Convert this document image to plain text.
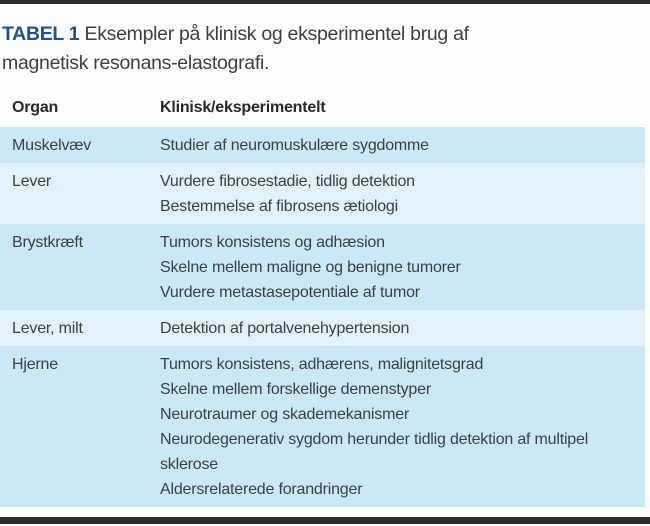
TABEL 1 Eksempler på klinisk og eksperimentel brug af
magnetisk resonans-elastografi.
Organ	Klinisk/eksperimentelt
Muskelvæv	Studier af neuromuskulære sygdomme
Lever	Vurdere fibrosestadie, tidlig detektion
Bestemmelse af fibrosens ætiologi
Brystkræft	Tumors konsistens og adhæsion
Skelne mellem maligne og benigne tumorer
Vurdere metastasepotentiale af tumor
Lever, milt	Detektion af portalvenehypertension
Hjerne	Tumors konsistens, adhærens, malignitetsgrad
Skelne mellem forskellige demenstyper
Neurotraumer og skademekanismer
Neurodegenerativ sygdom herunder tidlig detektion af multipel sklerose
Aldersrelaterede forandringer
